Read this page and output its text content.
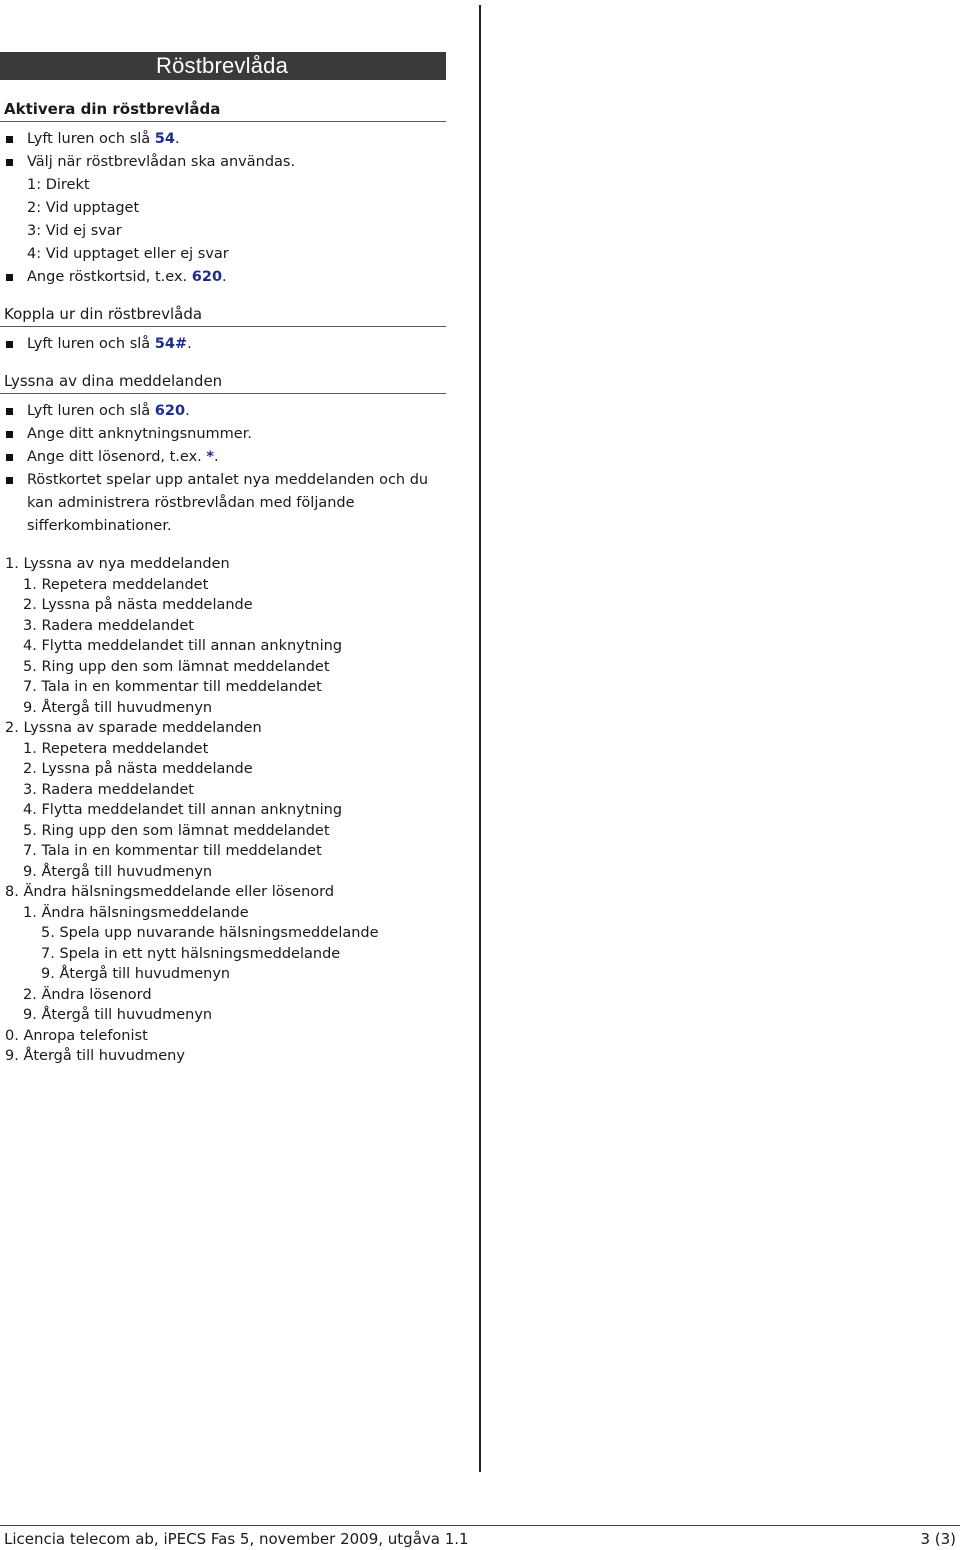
Röstbrevlåda
Aktivera din röstbrevlåda
Lyft luren och slå 54.
Välj när röstbrevlådan ska användas.
1: Direkt
2: Vid upptaget
3: Vid ej svar
4: Vid upptaget eller ej svar
Ange röstkortsid, t.ex. 620.
Koppla ur din röstbrevlåda
Lyft luren och slå 54#.
Lyssna av dina meddelanden
Lyft luren och slå 620.
Ange ditt anknytningsnummer.
Ange ditt lösenord, t.ex. *.
Röstkortet spelar upp antalet nya meddelanden och du kan administrera röstbrevlådan med följande sifferkombinationer.
1. Lyssna av nya meddelanden
1. Repetera meddelandet
2. Lyssna på nästa meddelande
3. Radera meddelandet
4. Flytta meddelandet till annan anknytning
5. Ring upp den som lämnat meddelandet
7. Tala in en kommentar till meddelandet
9. Återgå till huvudmenyn
2. Lyssna av sparade meddelanden
1. Repetera meddelandet
2. Lyssna på nästa meddelande
3. Radera meddelandet
4. Flytta meddelandet till annan anknytning
5. Ring upp den som lämnat meddelandet
7. Tala in en kommentar till meddelandet
9. Återgå till huvudmenyn
8. Ändra hälsningsmeddelande eller lösenord
1. Ändra hälsningsmeddelande
5. Spela upp nuvarande hälsningsmeddelande
7. Spela in ett nytt hälsningsmeddelande
9. Återgå till huvudmenyn
2. Ändra lösenord
9. Återgå till huvudmenyn
0. Anropa telefonist
9. Återgå till huvudmeny
Licencia telecom ab, iPECS Fas 5, november 2009, utgåva 1.1	3 (3)
